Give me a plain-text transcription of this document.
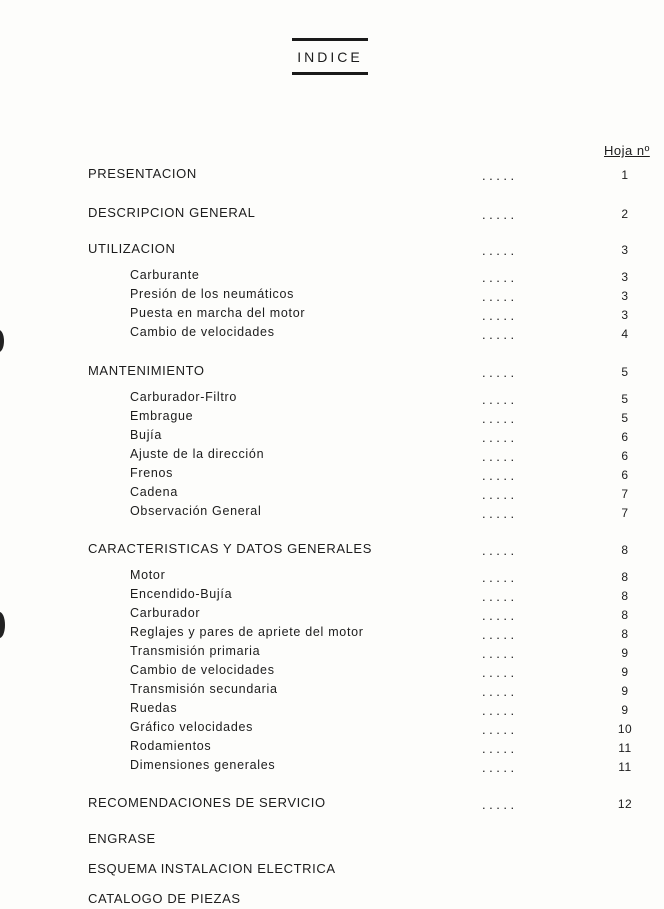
INDICE
Hoja nº
PRESENTACION	.....	1
DESCRIPCION GENERAL	.....	2
UTILIZACION	.....	3
Carburante	.....	3
Presión de los neumáticos	.....	3
Puesta en marcha del motor	.....	3
Cambio de velocidades	.....	4
MANTENIMIENTO	.....	5
Carburador-Filtro	.....	5
Embrague	.....	5
Bujía	.....	6
Ajuste de la dirección	.....	6
Frenos	.....	6
Cadena	.....	7
Observación General	.....	7
CARACTERISTICAS Y DATOS GENERALES	.....	8
Motor	.....	8
Encendido-Bujía	.....	8
Carburador	.....	8
Reglajes y pares de apriete del motor	.....	8
Transmisión primaria	.....	9
Cambio de velocidades	.....	9
Transmisión secundaria	.....	9
Ruedas	.....	9
Gráfico velocidades	.....	10
Rodamientos	.....	11
Dimensiones generales	.....	11
RECOMENDACIONES DE SERVICIO	.....	12
ENGRASE
ESQUEMA INSTALACION ELECTRICA
CATALOGO DE PIEZAS
